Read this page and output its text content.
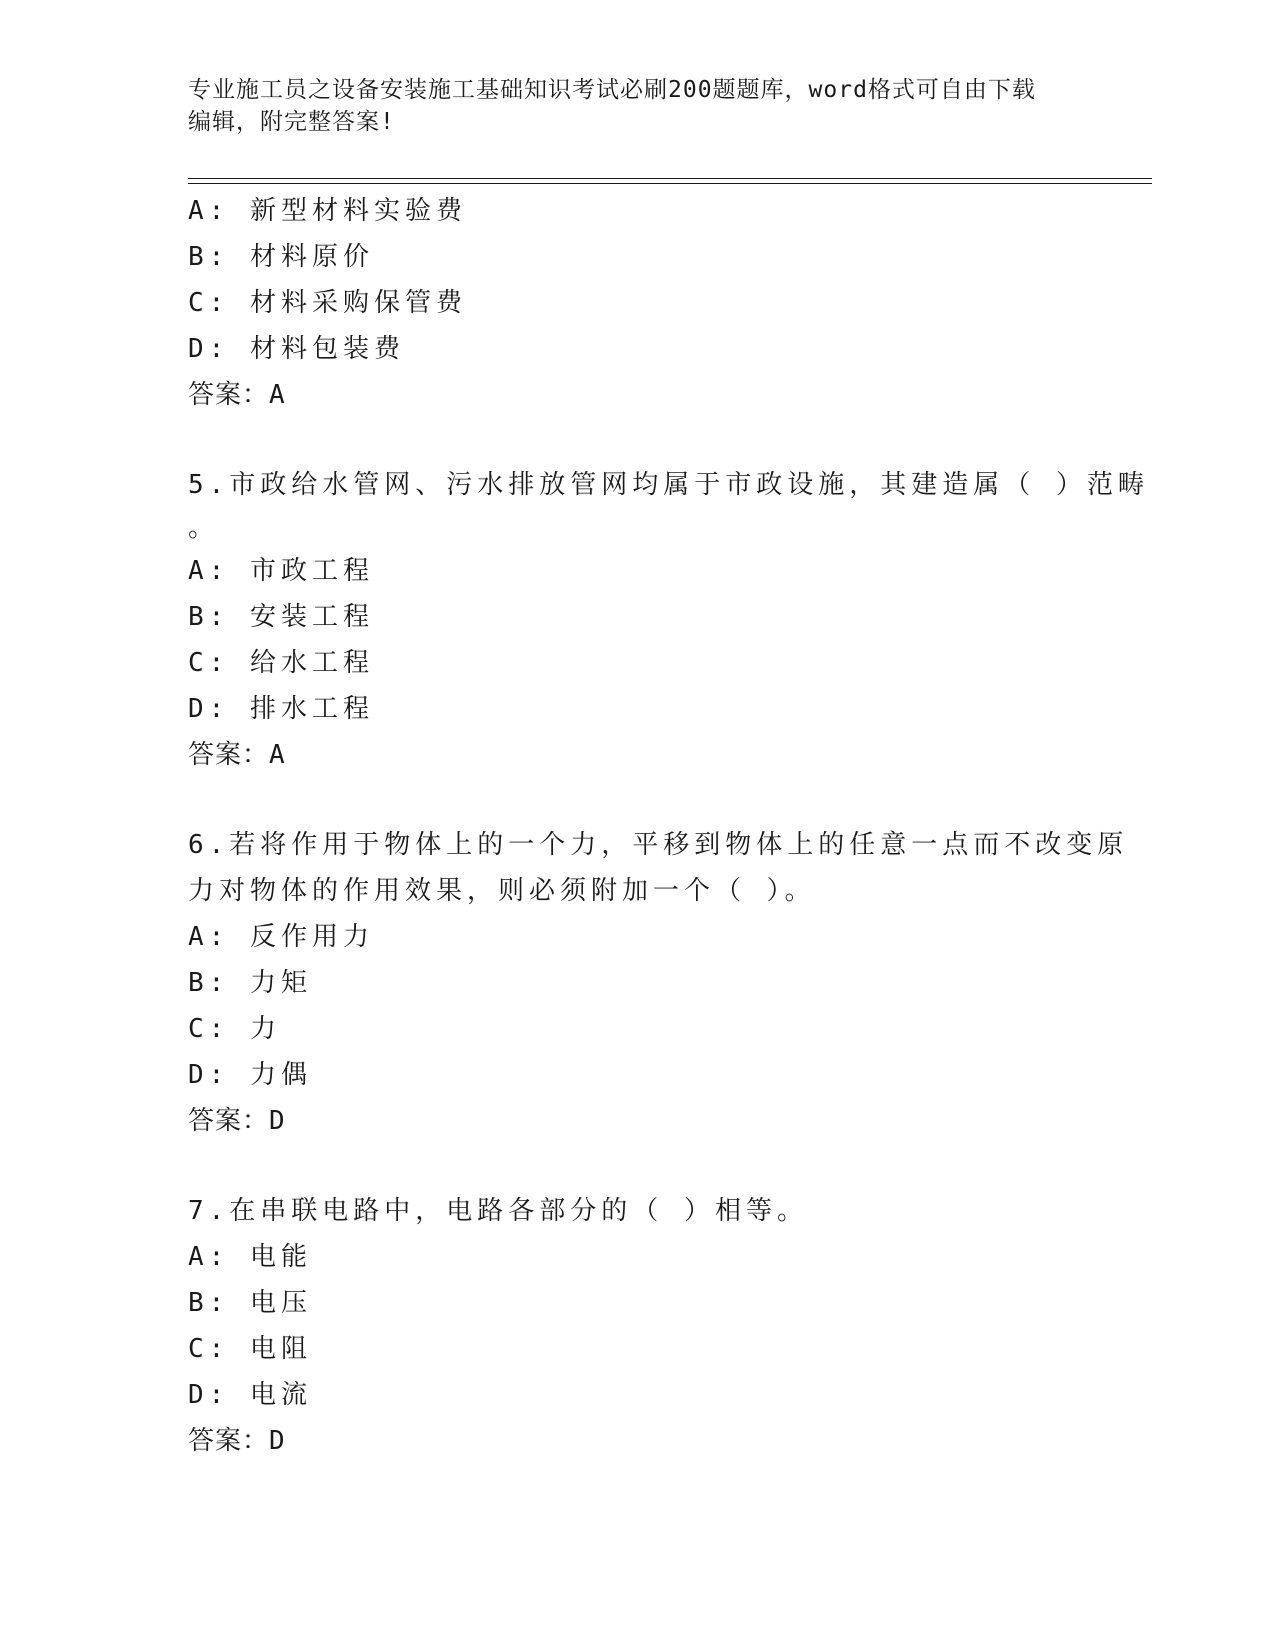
专业施工员之设备安装施工基础知识考试必刷200题题库，word格式可自由下载
编辑，附完整答案!
A: 新型材料实验费
B: 材料原价
C: 材料采购保管费
D: 材料包装费
答案：A
5.市政给水管网、污水排放管网均属于市政设施，其建造属（ ）范畴
。
A: 市政工程
B: 安装工程
C: 给水工程
D: 排水工程
答案：A
6.若将作用于物体上的一个力，平移到物体上的任意一点而不改变原
力对物体的作用效果，则必须附加一个（ ）。
A: 反作用力
B: 力矩
C: 力
D: 力偶
答案：D
7.在串联电路中，电路各部分的（ ）相等。
A: 电能
B: 电压
C: 电阻
D: 电流
答案：D
